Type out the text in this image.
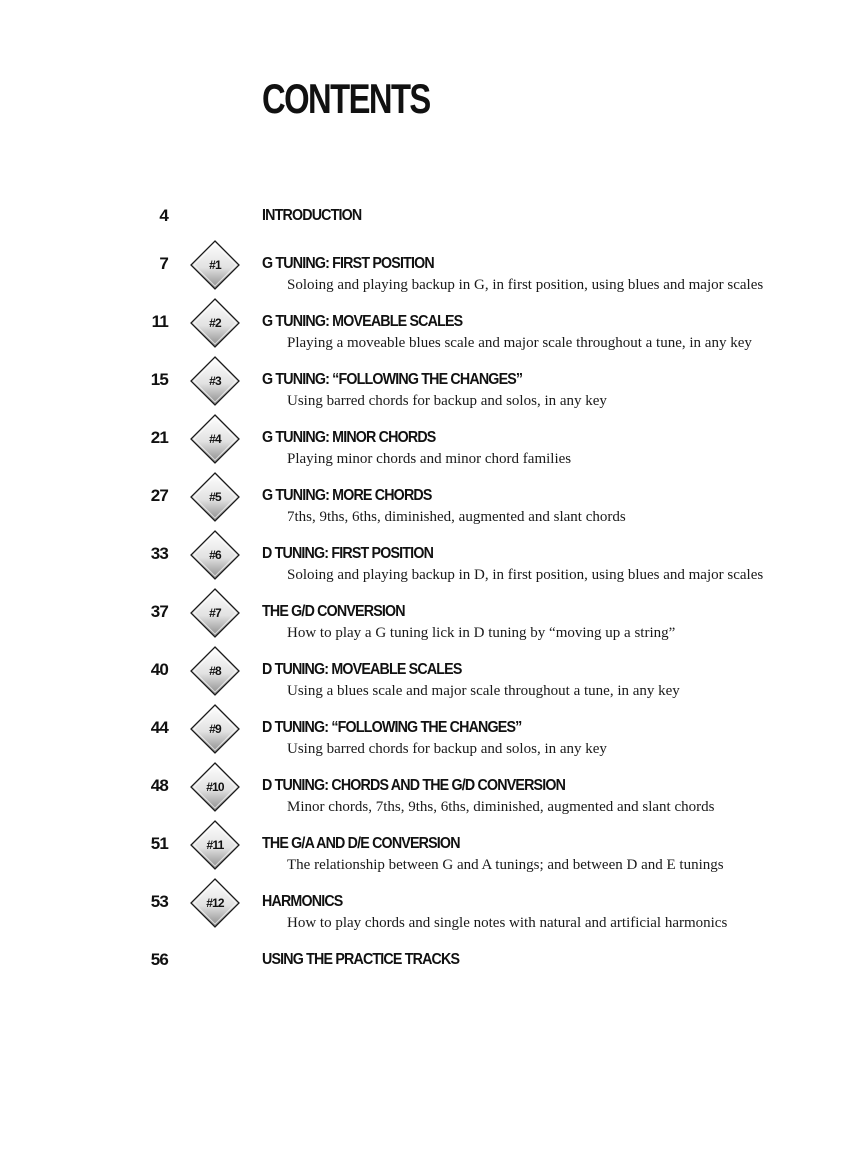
CONTENTS
4	INTRODUCTION
7	#1	G TUNING: FIRST POSITION
Soloing and playing backup in G, in first position, using blues and major scales
11	#2	G TUNING: MOVEABLE SCALES
Playing a moveable blues scale and major scale throughout a tune, in any key
15	#3	G TUNING: “FOLLOWING THE CHANGES”
Using barred chords for backup and solos, in any key
21	#4	G TUNING: MINOR CHORDS
Playing minor chords and minor chord families
27	#5	G TUNING: MORE CHORDS
7ths, 9ths, 6ths, diminished, augmented and slant chords
33	#6	D TUNING: FIRST POSITION
Soloing and playing backup in D, in first position, using blues and major scales
37	#7	THE G/D CONVERSION
How to play a G tuning lick in D tuning by “moving up a string”
40	#8	D TUNING: MOVEABLE SCALES
Using a blues scale and major scale throughout a tune, in any key
44	#9	D TUNING: “FOLLOWING THE CHANGES”
Using barred chords for backup and solos, in any key
48	#10	D TUNING: CHORDS AND THE G/D CONVERSION
Minor chords, 7ths, 9ths, 6ths, diminished, augmented and slant chords
51	#11	THE G/A AND D/E CONVERSION
The relationship between G and A tunings; and between D and E tunings
53	#12	HARMONICS
How to play chords and single notes with natural and artificial harmonics
56	USING THE PRACTICE TRACKS
